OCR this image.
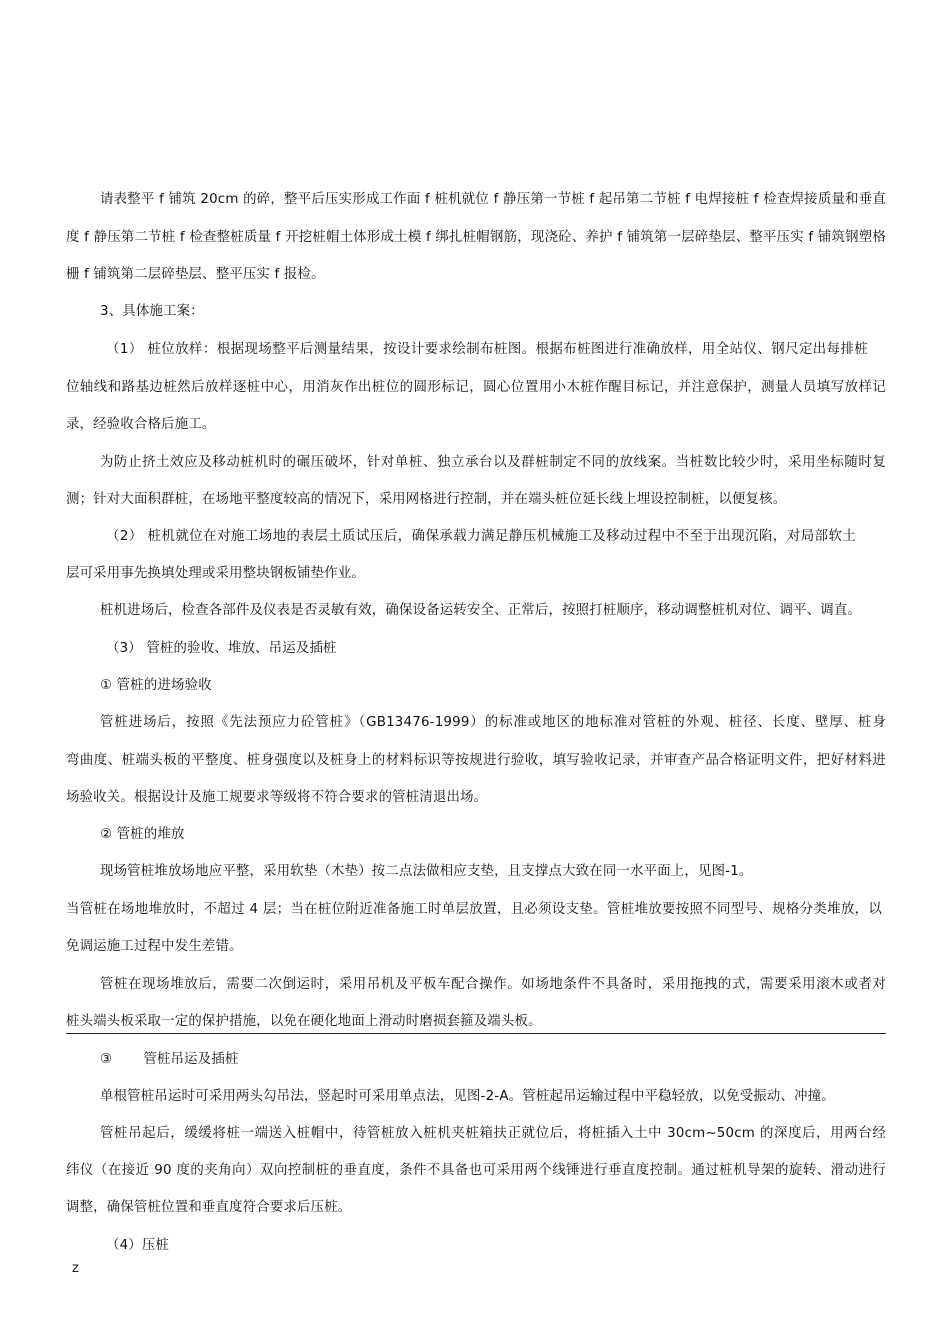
请表整平 f 铺筑 20cm 的碎，整平后压实形成工作面 f 桩机就位 f 静压第一节桩 f 起吊第二节桩 f 电焊接桩 f 检查焊接质量和垂直
度 f 静压第二节桩 f 检查整桩质量 f 开挖桩帽土体形成土模 f 绑扎桩帽钢筋，现浇砼、养护 f 铺筑第一层碎垫层、整平压实 f 铺筑钢塑格
栅 f 铺筑第二层碎垫层、整平压实 f 报检。
3、具体施工案：
（1） 桩位放样：根据现场整平后测量结果，按设计要求绘制布桩图。根据布桩图进行准确放样，用全站仪、钢尺定出每排桩
位轴线和路基边桩然后放样逐桩中心，用消灰作出桩位的圆形标记，圆心位置用小木桩作醒目标记，并注意保护，测量人员填写放样记
录，经验收合格后施工。
为防止挤土效应及移动桩机时的碾压破坏，针对单桩、独立承台以及群桩制定不同的放线案。当桩数比较少时，采用坐标随时复
测；针对大面积群桩，在场地平整度较高的情况下，采用网格进行控制，并在端头桩位延长线上埋设控制桩，以便复核。
（2） 桩机就位在对施工场地的表层土质试压后，确保承载力满足静压机械施工及移动过程中不至于出现沉陷，对局部软土
层可采用事先换填处理或采用整块钢板铺垫作业。
桩机进场后，检查各部件及仪表是否灵敏有效，确保设备运转安全、正常后，按照打桩顺序，移动调整桩机对位、调平、调直。
（3） 管桩的验收、堆放、吊运及插桩
① 管桩的进场验收
管桩进场后，按照《先法预应力砼管桩》（GB13476-1999）的标准或地区的地标准对管桩的外观、桩径、长度、壁厚、桩身
弯曲度、桩端头板的平整度、桩身强度以及桩身上的材料标识等按规进行验收，填写验收记录，并审查产品合格证明文件，把好材料进
场验收关。根据设计及施工规要求等级将不符合要求的管桩清退出场。
② 管桩的堆放
现场管桩堆放场地应平整，采用软垫（木垫）按二点法做相应支垫，且支撑点大致在同一水平面上，见图-1。
当管桩在场地堆放时，不超过 4 层；当在桩位附近准备施工时单层放置，且必须设支垫。管桩堆放要按照不同型号、规格分类堆放，以
免调运施工过程中发生差错。
管桩在现场堆放后，需要二次倒运时，采用吊机及平板车配合操作。如场地条件不具备时，采用拖拽的式，需要采用滚木或者对
桩头端头板采取一定的保护措施，以免在硬化地面上滑动时磨损套箍及端头板。
③       管桩吊运及插桩
单根管桩吊运时可采用两头勾吊法，竖起时可采用单点法，见图-2-A。管桩起吊运输过程中平稳轻放，以免受振动、冲撞。
管桩吊起后，缓缓将桩一端送入桩帽中，待管桩放入桩机夹桩箱扶正就位后，将桩插入土中 30cm~50cm 的深度后，用两台经
纬仪（在接近 90 度的夹角向）双向控制桩的垂直度，条件不具备也可采用两个线锤进行垂直度控制。通过桩机导架的旋转、滑动进行
调整，确保管桩位置和垂直度符合要求后压桩。
（4）压桩
z
